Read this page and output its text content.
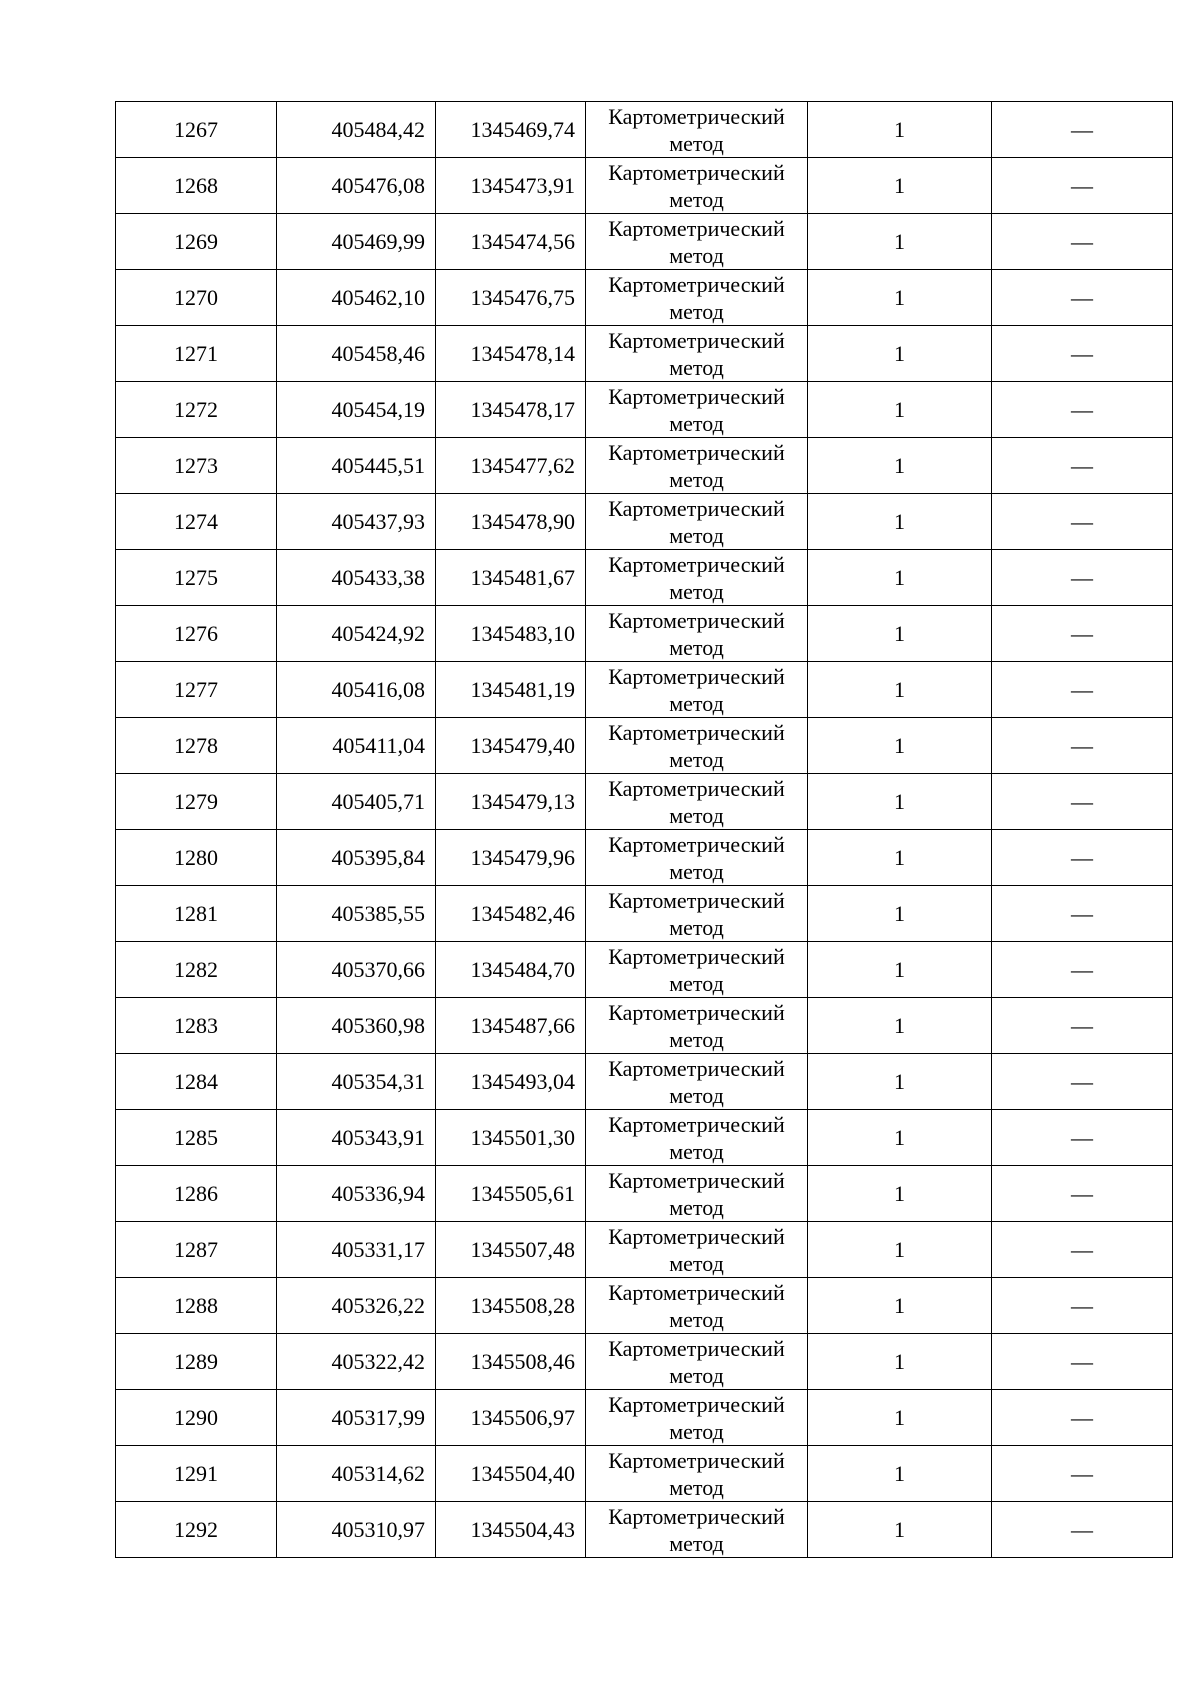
1267	405484,42	1345469,74	Картометрический
метод	1	—
1268	405476,08	1345473,91	Картометрический
метод	1	—
1269	405469,99	1345474,56	Картометрический
метод	1	—
1270	405462,10	1345476,75	Картометрический
метод	1	—
1271	405458,46	1345478,14	Картометрический
метод	1	—
1272	405454,19	1345478,17	Картометрический
метод	1	—
1273	405445,51	1345477,62	Картометрический
метод	1	—
1274	405437,93	1345478,90	Картометрический
метод	1	—
1275	405433,38	1345481,67	Картометрический
метод	1	—
1276	405424,92	1345483,10	Картометрический
метод	1	—
1277	405416,08	1345481,19	Картометрический
метод	1	—
1278	405411,04	1345479,40	Картометрический
метод	1	—
1279	405405,71	1345479,13	Картометрический
метод	1	—
1280	405395,84	1345479,96	Картометрический
метод	1	—
1281	405385,55	1345482,46	Картометрический
метод	1	—
1282	405370,66	1345484,70	Картометрический
метод	1	—
1283	405360,98	1345487,66	Картометрический
метод	1	—
1284	405354,31	1345493,04	Картометрический
метод	1	—
1285	405343,91	1345501,30	Картометрический
метод	1	—
1286	405336,94	1345505,61	Картометрический
метод	1	—
1287	405331,17	1345507,48	Картометрический
метод	1	—
1288	405326,22	1345508,28	Картометрический
метод	1	—
1289	405322,42	1345508,46	Картометрический
метод	1	—
1290	405317,99	1345506,97	Картометрический
метод	1	—
1291	405314,62	1345504,40	Картометрический
метод	1	—
1292	405310,97	1345504,43	Картометрический
метод	1	—
